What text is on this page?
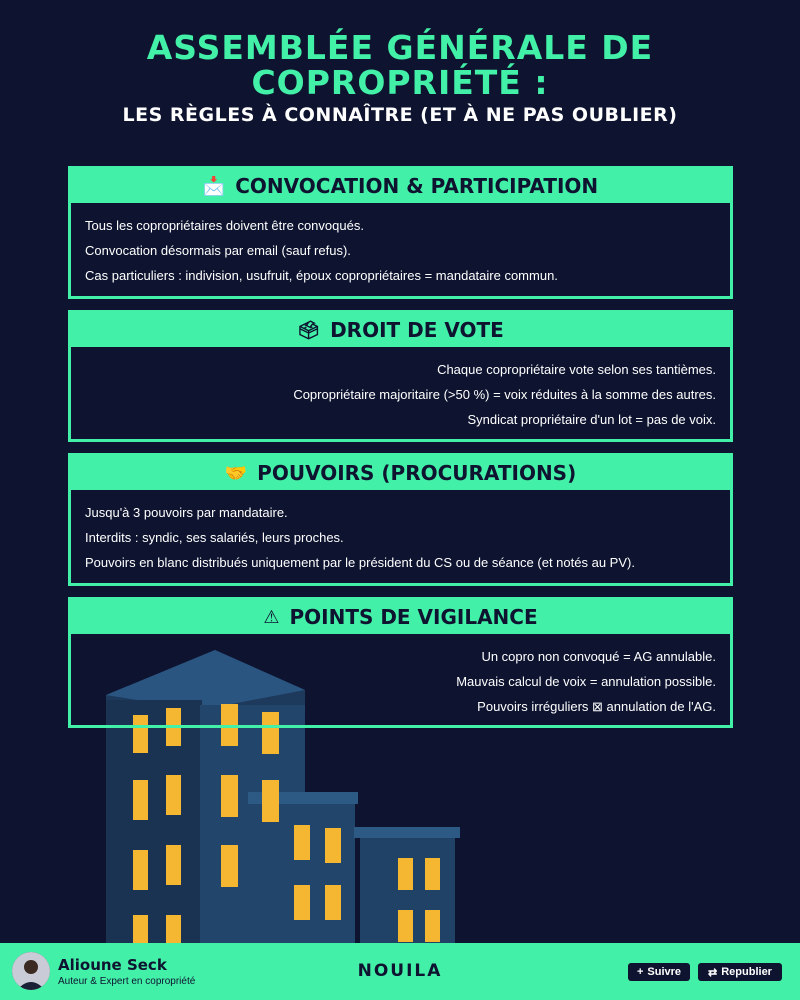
ASSEMBLÉE GÉNÉRALE DE
COPROPRIÉTÉ :
LES RÈGLES À CONNAÎTRE (ET À NE PAS OUBLIER)
📩 CONVOCATION & PARTICIPATION
Tous les copropriétaires doivent être convoqués.
Convocation désormais par email (sauf refus).
Cas particuliers : indivision, usufruit, époux copropriétaires = mandataire commun.
🗳 DROIT DE VOTE
Chaque copropriétaire vote selon ses tantièmes.
Copropriétaire majoritaire (>50 %) = voix réduites à la somme des autres.
Syndicat propriétaire d'un lot = pas de voix.
🤝 POUVOIRS (PROCURATIONS)
Jusqu'à 3 pouvoirs par mandataire.
Interdits : syndic, ses salariés, leurs proches.
Pouvoirs en blanc distribués uniquement par le président du CS ou de séance (et notés au PV).
⚠ POINTS DE VIGILANCE
Un copro non convoqué = AG annulable.
Mauvais calcul de voix = annulation possible.
Pouvoirs irréguliers ⊠ annulation de l'AG.
Alioune Seck
Auteur & Expert en copropriété
NOUILA	+ Suivre ⇄ Republier
